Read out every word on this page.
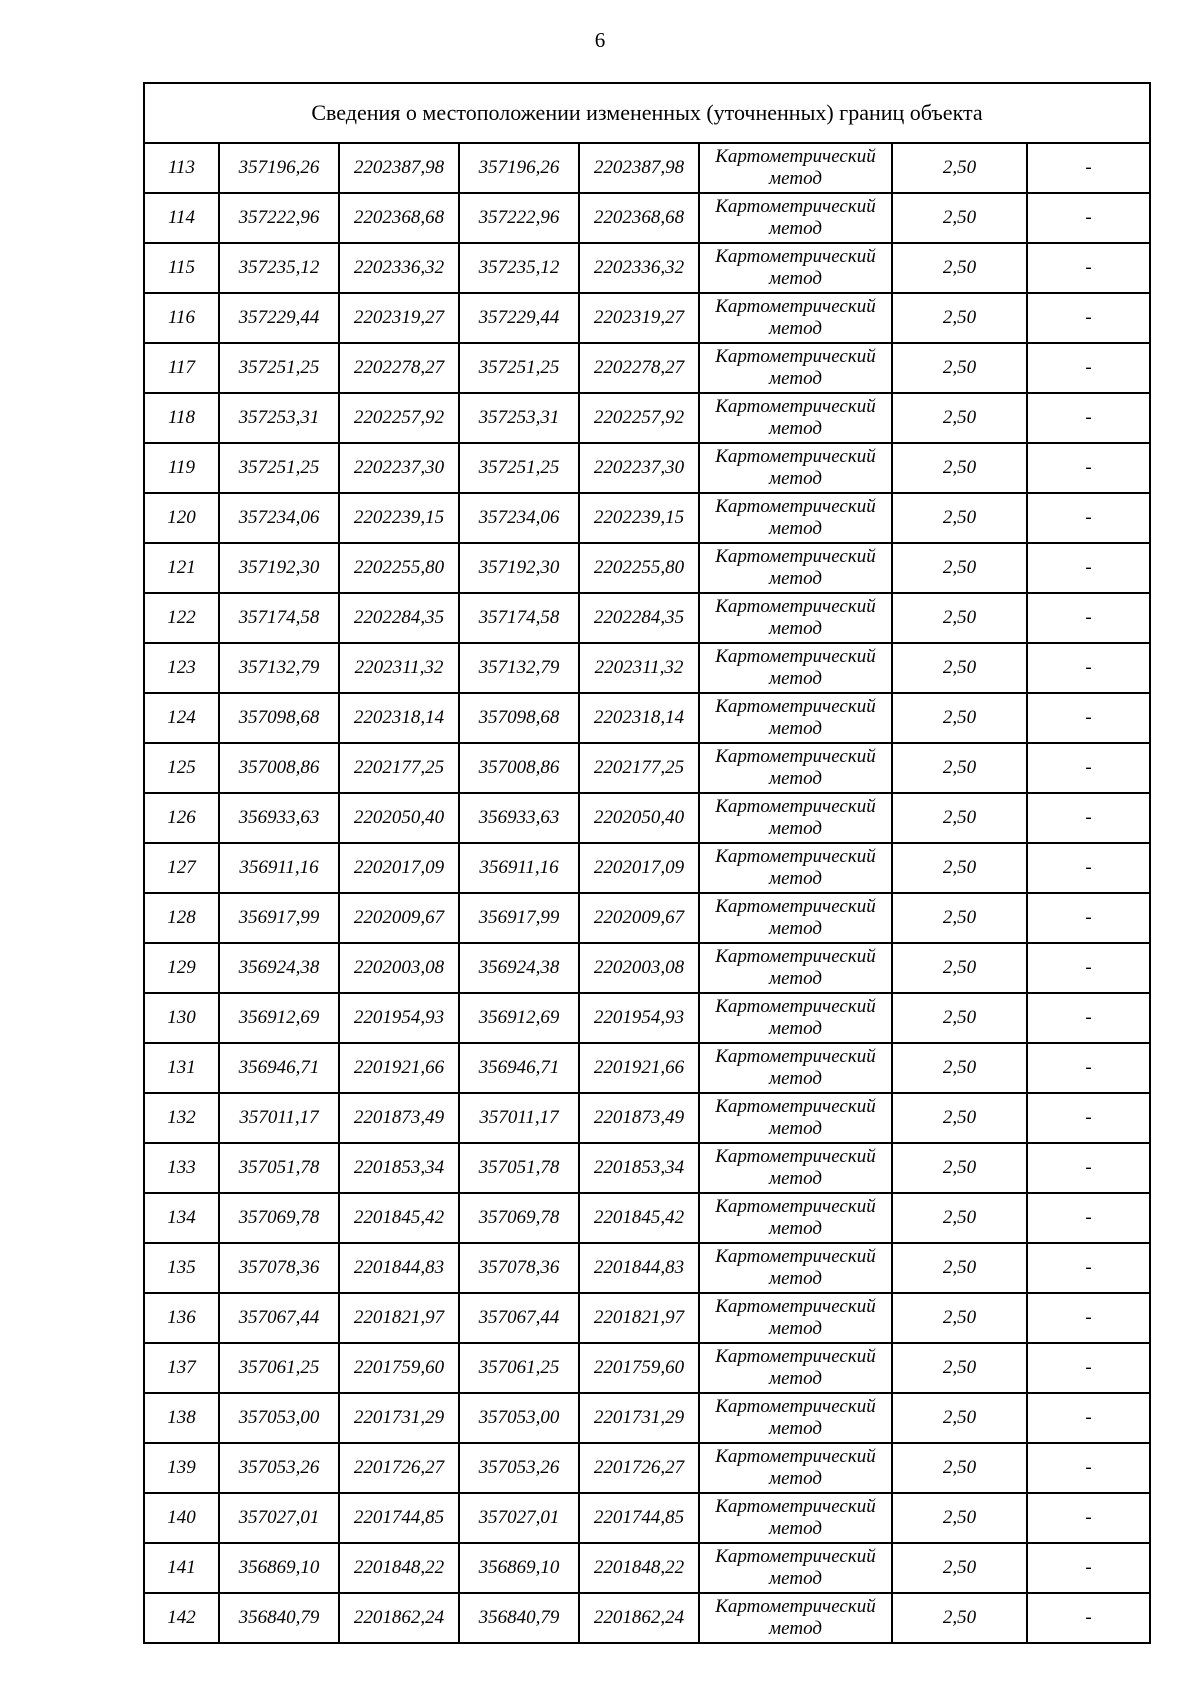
6
Сведения о местоположении измененных (уточненных) границ объекта							
113	357196,26	2202387,98	357196,26	2202387,98	Картометрический метод	2,50	-
114	357222,96	2202368,68	357222,96	2202368,68	Картометрический метод	2,50	-
115	357235,12	2202336,32	357235,12	2202336,32	Картометрический метод	2,50	-
116	357229,44	2202319,27	357229,44	2202319,27	Картометрический метод	2,50	-
117	357251,25	2202278,27	357251,25	2202278,27	Картометрический метод	2,50	-
118	357253,31	2202257,92	357253,31	2202257,92	Картометрический метод	2,50	-
119	357251,25	2202237,30	357251,25	2202237,30	Картометрический метод	2,50	-
120	357234,06	2202239,15	357234,06	2202239,15	Картометрический метод	2,50	-
121	357192,30	2202255,80	357192,30	2202255,80	Картометрический метод	2,50	-
122	357174,58	2202284,35	357174,58	2202284,35	Картометрический метод	2,50	-
123	357132,79	2202311,32	357132,79	2202311,32	Картометрический метод	2,50	-
124	357098,68	2202318,14	357098,68	2202318,14	Картометрический метод	2,50	-
125	357008,86	2202177,25	357008,86	2202177,25	Картометрический метод	2,50	-
126	356933,63	2202050,40	356933,63	2202050,40	Картометрический метод	2,50	-
127	356911,16	2202017,09	356911,16	2202017,09	Картометрический метод	2,50	-
128	356917,99	2202009,67	356917,99	2202009,67	Картометрический метод	2,50	-
129	356924,38	2202003,08	356924,38	2202003,08	Картометрический метод	2,50	-
130	356912,69	2201954,93	356912,69	2201954,93	Картометрический метод	2,50	-
131	356946,71	2201921,66	356946,71	2201921,66	Картометрический метод	2,50	-
132	357011,17	2201873,49	357011,17	2201873,49	Картометрический метод	2,50	-
133	357051,78	2201853,34	357051,78	2201853,34	Картометрический метод	2,50	-
134	357069,78	2201845,42	357069,78	2201845,42	Картометрический метод	2,50	-
135	357078,36	2201844,83	357078,36	2201844,83	Картометрический метод	2,50	-
136	357067,44	2201821,97	357067,44	2201821,97	Картометрический метод	2,50	-
137	357061,25	2201759,60	357061,25	2201759,60	Картометрический метод	2,50	-
138	357053,00	2201731,29	357053,00	2201731,29	Картометрический метод	2,50	-
139	357053,26	2201726,27	357053,26	2201726,27	Картометрический метод	2,50	-
140	357027,01	2201744,85	357027,01	2201744,85	Картометрический метод	2,50	-
141	356869,10	2201848,22	356869,10	2201848,22	Картометрический метод	2,50	-
142	356840,79	2201862,24	356840,79	2201862,24	Картометрический метод	2,50	-
